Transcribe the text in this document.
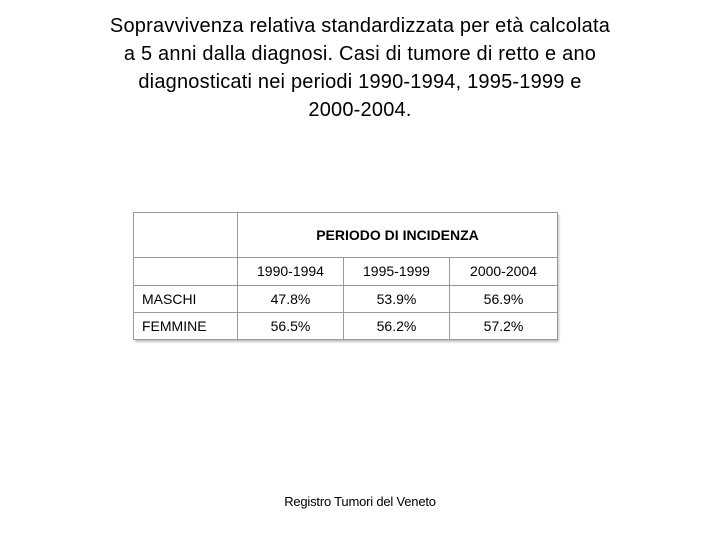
Sopravvivenza relativa standardizzata per età calcolata
a 5 anni dalla diagnosi. Casi di tumore di retto e ano
diagnosticati nei periodi 1990-1994, 1995-1999 e
2000-2004.
	PERIODO DI INCIDENZA		
	1990-1994	1995-1999	2000-2004
MASCHI	47.8%	53.9%	56.9%
FEMMINE	56.5%	56.2%	57.2%
Registro Tumori del Veneto
